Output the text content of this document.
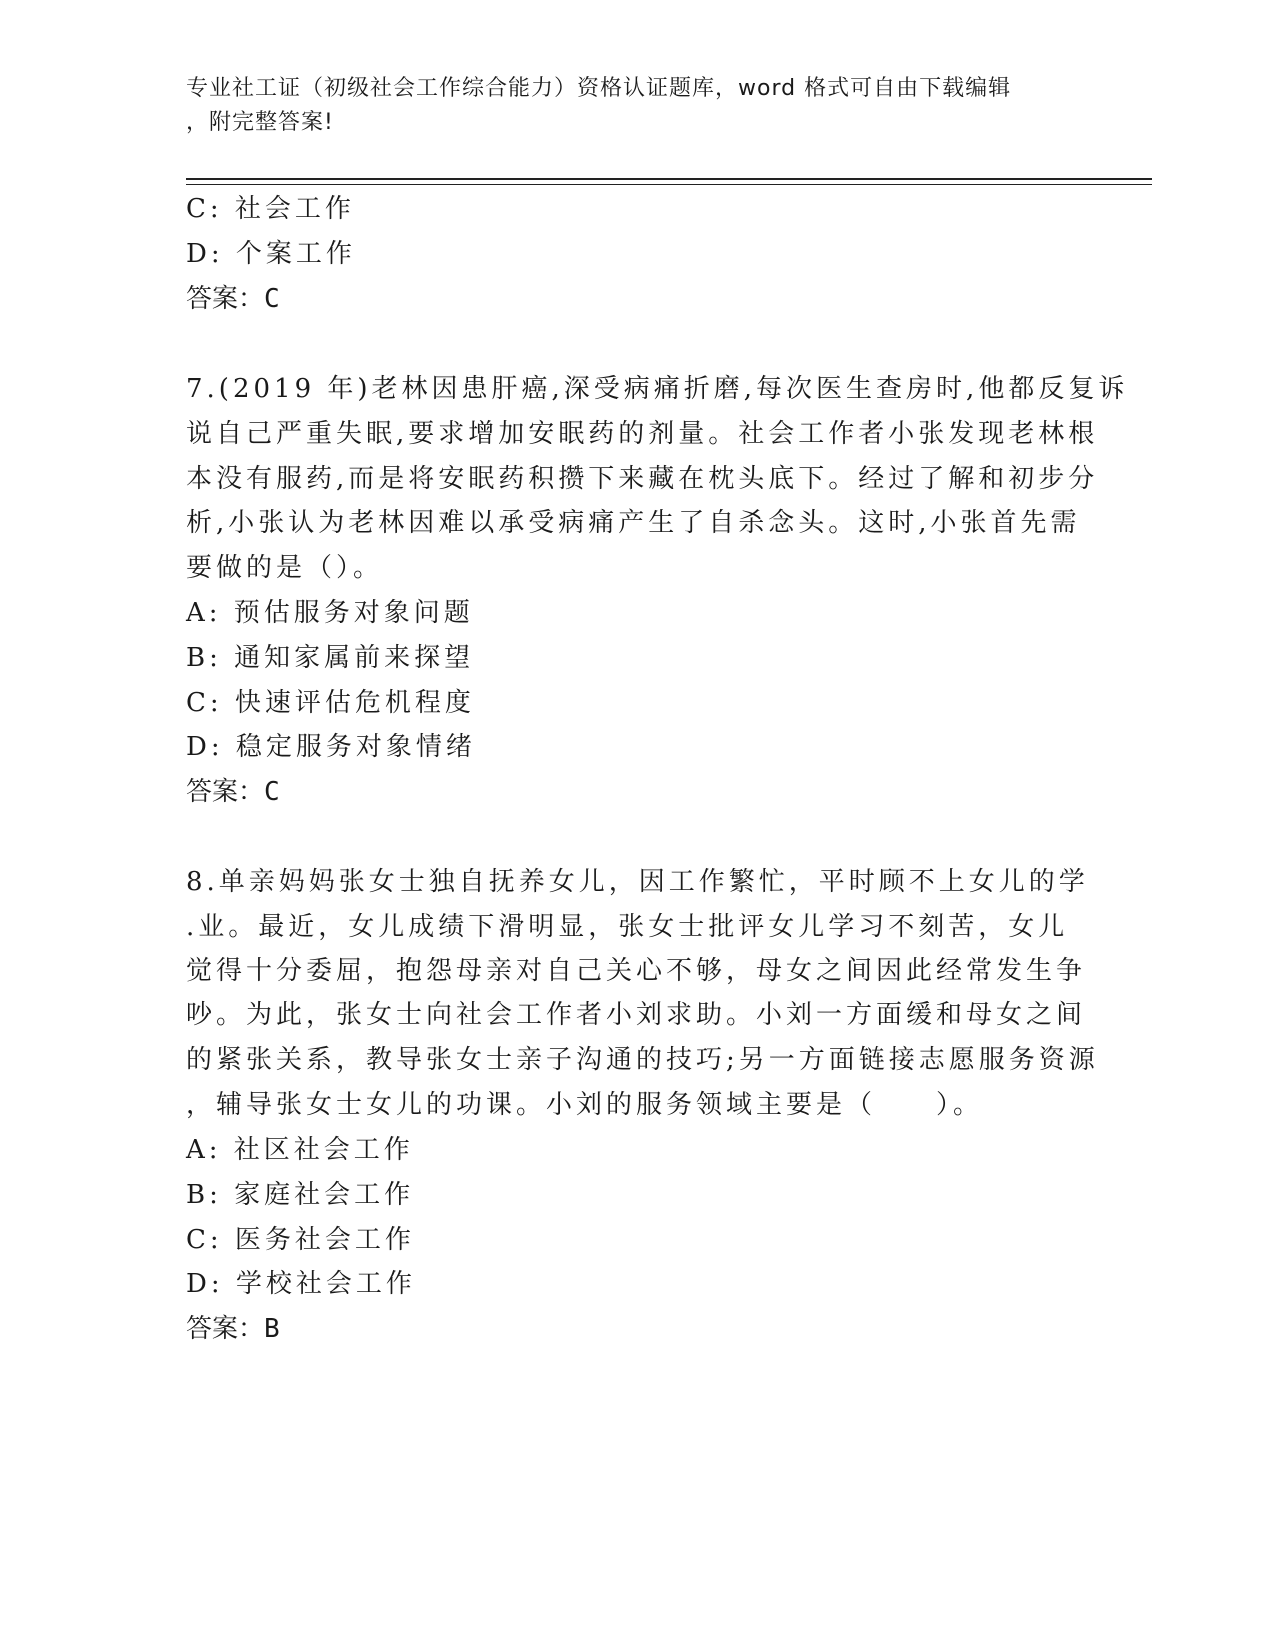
专业社工证（初级社会工作综合能力）资格认证题库，word 格式可自由下载编辑
，附完整答案!
C: 社会工作
D: 个案工作
答案：C
7.(2019 年)老林因患肝癌,深受病痛折磨,每次医生查房时,他都反复诉
说自己严重失眠,要求增加安眠药的剂量。社会工作者小张发现老林根
本没有服药,而是将安眠药积攒下来藏在枕头底下。经过了解和初步分
析,小张认为老林因难以承受病痛产生了自杀念头。这时,小张首先需
要做的是（）。
A: 预估服务对象问题
B: 通知家属前来探望
C: 快速评估危机程度
D: 稳定服务对象情绪
答案：C
8.单亲妈妈张女士独自抚养女儿，因工作繁忙，平时顾不上女儿的学
.业。最近，女儿成绩下滑明显，张女士批评女儿学习不刻苦，女儿
觉得十分委屈，抱怨母亲对自己关心不够，母女之间因此经常发生争
吵。为此，张女士向社会工作者小刘求助。小刘一方面缓和母女之间
的紧张关系，教导张女士亲子沟通的技巧;另一方面链接志愿服务资源
，辅导张女士女儿的功课。小刘的服务领域主要是（　　）。
A: 社区社会工作
B: 家庭社会工作
C: 医务社会工作
D: 学校社会工作
答案：B
